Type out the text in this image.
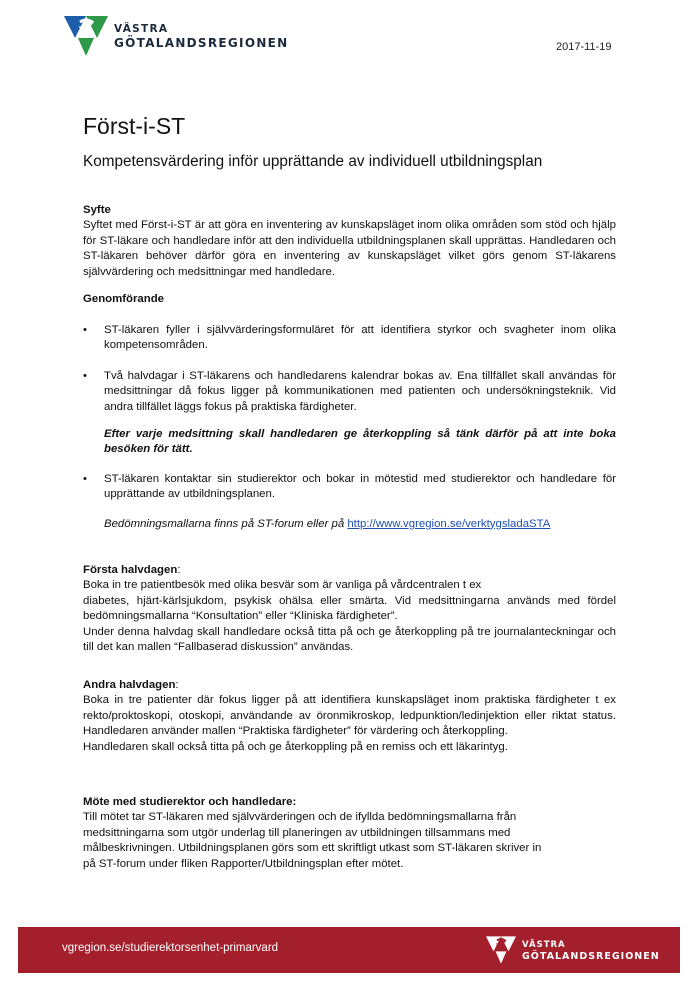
VÄSTRA
GÖTALANDSREGIONEN	2017-11-19
Först-i-ST
Kompetensvärdering inför upprättande av individuell utbildningsplan

Syfte

Syftet med Först-i-ST är att göra en inventering av kunskapsläget inom olika områden som stöd och hjälp för ST-läkare och handledare inför att den individuella utbildningsplanen skall upprättas. Handledaren och ST-läkaren behöver därför göra en inventering av kunskapsläget vilket görs genom ST-läkarens självvärdering och medsittningar med handledare.

Genomförande

• ST-läkaren fyller i självvärderingsformuläret för att identifiera styrkor och svagheter inom olika kompetensområden.
• Två halvdagar i ST-läkarens och handledarens kalendrar bokas av. Ena tillfället skall användas för medsittningar då fokus ligger på kommunikationen med patienten och undersökningsteknik. Vid andra tillfället läggs fokus på praktiska färdigheter.
Efter varje medsittning skall handledaren ge återkoppling så tänk därför på att inte boka besöken för tätt.
• ST-läkaren kontaktar sin studierektor och bokar in mötestid med studierektor och handledare för upprättande av utbildningsplanen.
Bedömningsmallarna finns på ST-forum eller på http://www.vgregion.se/verktygsladaSTA

Första halvdagen:

Boka in tre patientbesök med olika besvär som är vanliga på vårdcentralen t ex

diabetes, hjärt-kärlsjukdom, psykisk ohälsa eller smärta. Vid medsittningarna används med fördel bedömningsmallarna “Konsultation” eller “Kliniska färdigheter”.

Under denna halvdag skall handledare också titta på och ge återkoppling på tre journalanteckningar och till det kan mallen “Fallbaserad diskussion” användas.

Andra halvdagen:

Boka in tre patienter där fokus ligger på att identifiera kunskapsläget inom praktiska färdigheter t ex rekto/proktoskopi, otoskopi, användande av öronmikroskop, ledpunktion/ledinjektion eller riktat status. Handledaren använder mallen “Praktiska färdigheter” för värdering och återkoppling.

Handledaren skall också titta på och ge återkoppling på en remiss och ett läkarintyg.

Möte med studierektor och handledare:

Till mötet tar ST-läkaren med självvärderingen och de ifyllda bedömningsmallarna från

medsittningarna som utgör underlag till planeringen av utbildningen tillsammans med

målbeskrivningen. Utbildningsplanen görs som ett skriftligt utkast som ST-läkaren skriver in

på ST-forum under fliken Rapporter/Utbildningsplan efter mötet.

vgregion.se/studierektorsenhet-primarvard	VÄSTRA
GÖTALANDSREGIONEN
